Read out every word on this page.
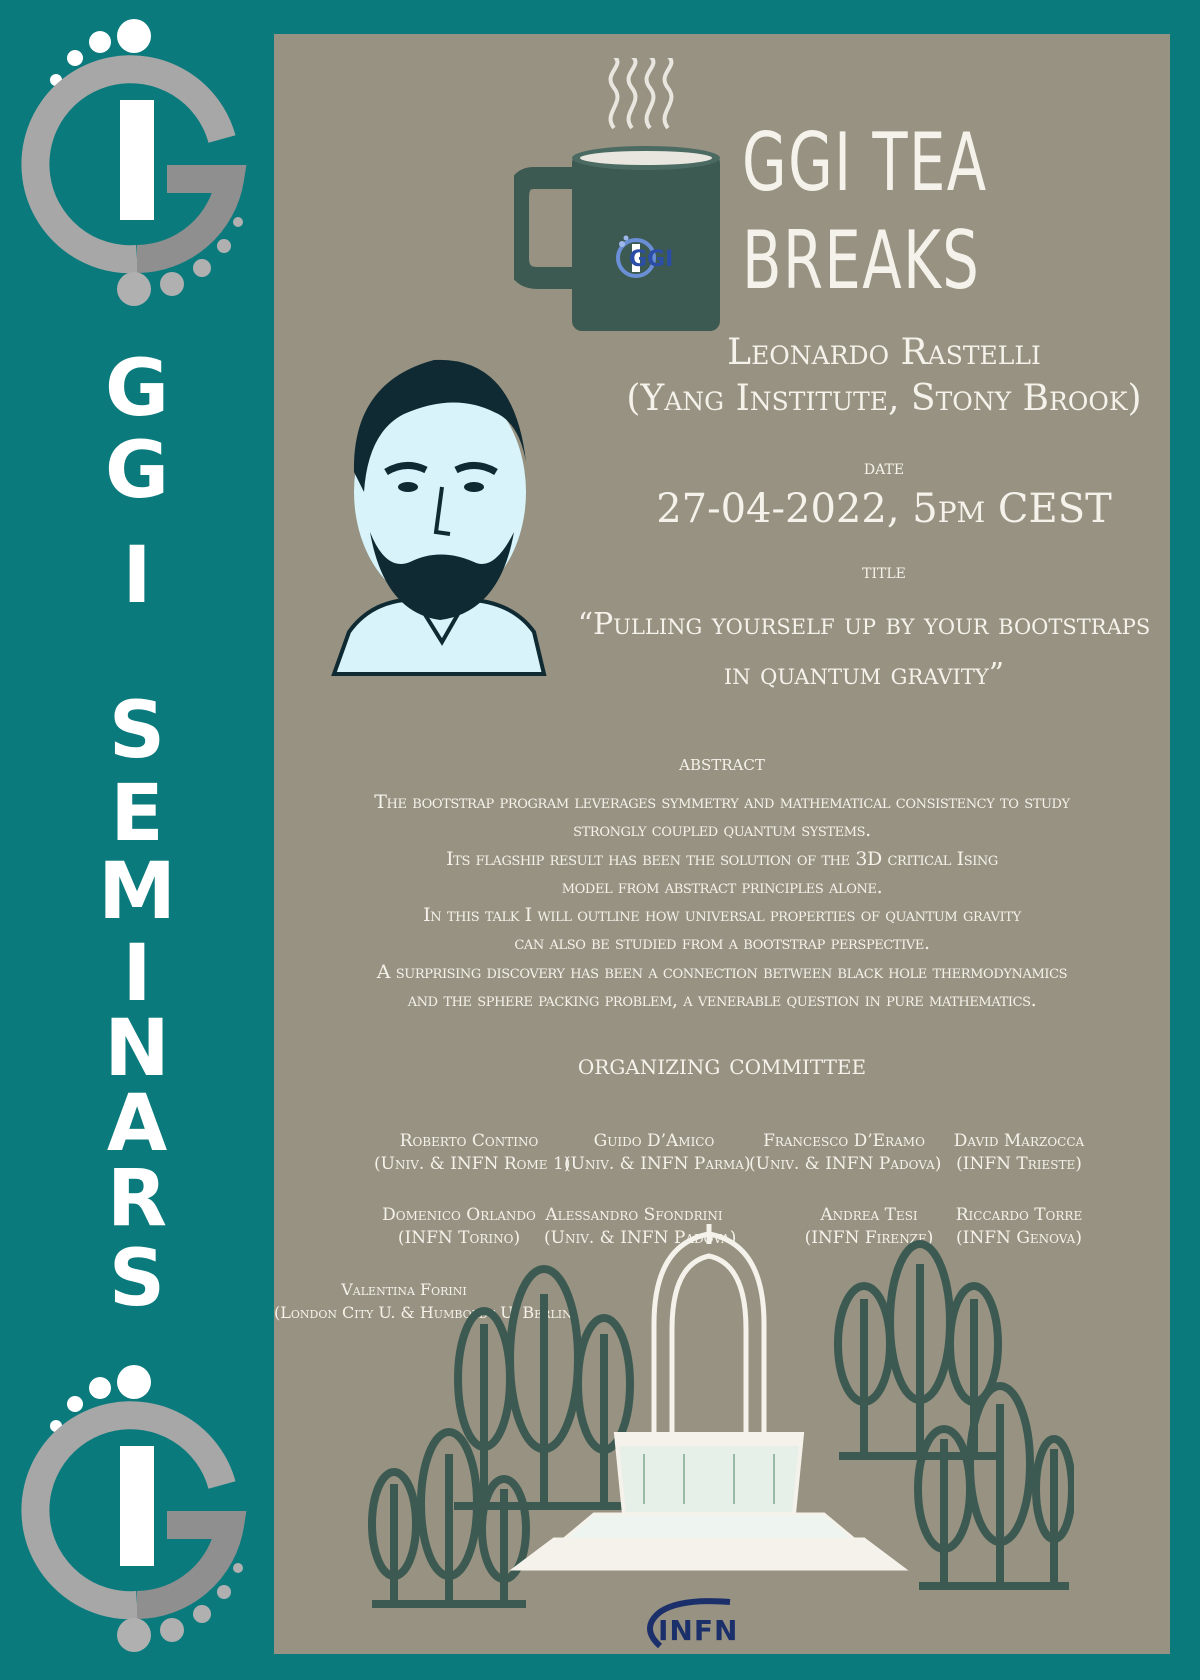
G
G
I
S
E
M
I
N
A
R
S
GGI
GGI TEA
BREAKS
Leonardo Rastelli
(Yang Institute, Stony Brook)
date
27-04-2022, 5pm CEST
title
“Pulling yourself up by your bootstraps
in quantum gravity”
abstract
The bootstrap program leverages symmetry and mathematical consistency to study
strongly coupled quantum systems.
Its flagship result has been the solution of the 3D critical Ising
model from abstract principles alone.
In this talk I will outline how universal properties of quantum gravity
can also be studied from a bootstrap perspective.
A surprising discovery has been a connection between black hole thermodynamics
and the sphere packing problem, a venerable question in pure mathematics.
organizing committee
Roberto Contino
(Univ. & INFN Rome 1)
Guido D’Amico
(Univ. & INFN Parma)
Francesco D’Eramo
(Univ. & INFN Padova)
David Marzocca
(INFN Trieste)
Domenico Orlando
(INFN Torino)
Alessandro Sfondrini
(Univ. & INFN Padova)
Andrea Tesi
(INFN Firenze)
Riccardo Torre
(INFN Genova)
Valentina Forini
(London City U. & Humboldt U. Berlin)
INFN
